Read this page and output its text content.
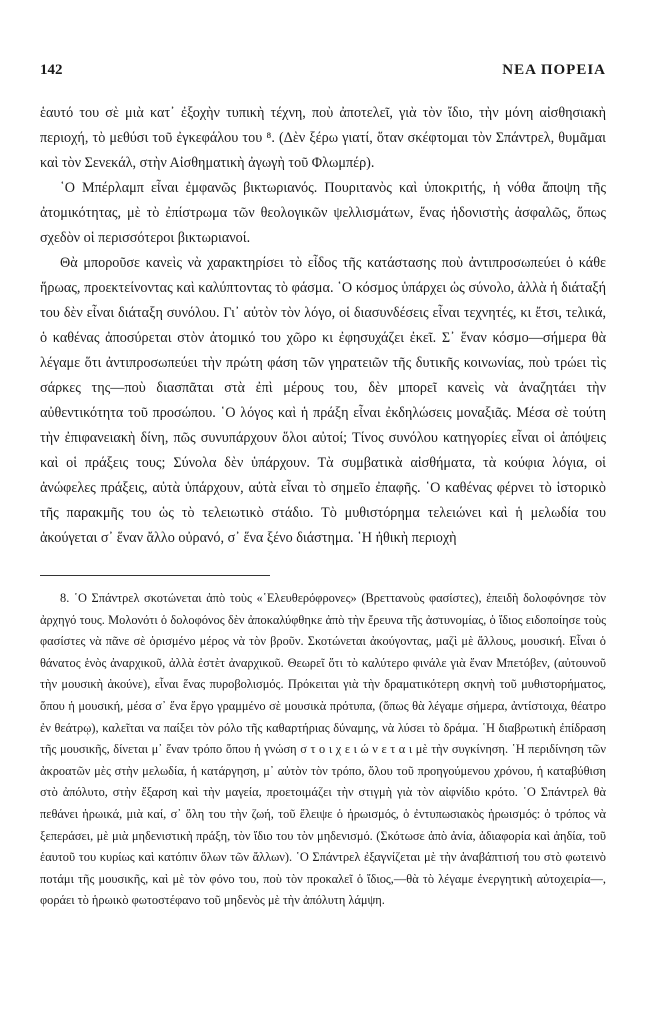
142	ΝΕΑ ΠΟΡΕΙΑ

ἑαυτό του σὲ μιὰ κατ᾿ ἐξοχὴν τυπικὴ τέχνη, ποὺ ἀποτελεῖ, γιὰ τὸν ἴδιο, τὴν μόνη αἰσθησιακὴ περιοχή, τὸ μεθύσι τοῦ ἐγκεφάλου του ⁸. (Δὲν ξέρω γιατί, ὅταν σκέφτομαι τὸν Σπάντρελ, θυμᾶμαι καὶ τὸν Σενεκάλ, στὴν Αἰσθηματικὴ ἀγωγὴ τοῦ Φλωμπέρ).

῾Ο Μπέρλαμπ εἶναι ἐμφανῶς βικτωριανός. Πουριτανὸς καὶ ὑποκριτής, ἡ νόθα ἄποψη τῆς ἀτομικότητας, μὲ τὸ ἐπίστρωμα τῶν θεολογικῶν ψελλισμάτων, ἕνας ἡδονιστὴς ἀσφαλῶς, ὅπως σχεδὸν οἱ περισσότεροι βικτωριανοί.

Θὰ μποροῦσε κανεὶς νὰ χαρακτηρίσει τὸ εἶδος τῆς κατάστασης ποὺ ἀντιπροσωπεύει ὁ κάθε ἥρωας, προεκτείνοντας καὶ καλύπτοντας τὸ φάσμα. ῾Ο κόσμος ὑπάρχει ὡς σύνολο, ἀλλὰ ἡ διάταξή του δὲν εἶναι διάταξη συνόλου. Γι᾿ αὐτὸν τὸν λόγο, οἱ διασυνδέσεις εἶναι τεχνητές, κι ἔτσι, τελικά, ὁ καθένας ἀποσύρεται στὸν ἀτομικό του χῶρο κι ἐφησυχάζει ἐκεῖ. Σ᾿ ἕναν κόσμο—σήμερα θὰ λέγαμε ὅτι ἀντιπροσωπεύει τὴν πρώτη φάση τῶν γηρατειῶν τῆς δυτικῆς κοινωνίας, ποὺ τρώει τὶς σάρκες της—ποὺ διασπᾶται στὰ ἐπὶ μέρους του, δὲν μπορεῖ κανεὶς νὰ ἀναζητάει τὴν αὐθεντικότητα τοῦ προσώπου. ῾Ο λόγος καὶ ἡ πράξη εἶναι ἐκδηλώσεις μοναξιᾶς. Μέσα σὲ τούτη τὴν ἐπιφανειακὴ δίνη, πῶς συνυπάρχουν ὅλοι αὐτοί; Τίνος συνόλου κατηγορίες εἶναι οἱ ἀπόψεις καὶ οἱ πράξεις τους; Σύνολα δὲν ὑπάρχουν. Τὰ συμβατικὰ αἰσθήματα, τὰ κούφια λόγια, οἱ ἀνώφελες πράξεις, αὐτὰ ὑπάρχουν, αὐτὰ εἶναι τὸ σημεῖο ἐπαφῆς. ῾Ο καθένας φέρνει τὸ ἱστορικὸ τῆς παρακμῆς του ὡς τὸ τελειωτικὸ στάδιο. Τὸ μυθιστόρημα τελειώνει καὶ ἡ μελωδία του ἀκούγεται σ᾿ ἕναν ἄλλο οὐρανό, σ᾿ ἕνα ξένο διάστημα. ῾Η ἠθικὴ περιοχὴ

8. ῾Ο Σπάντρελ σκοτώνεται ἀπὸ τοὺς «῾Ελευθερόφρονες» (Βρεττανοὺς φασίστες), ἐπειδὴ δολοφόνησε τὸν ἀρχηγό τους. Μολονότι ὁ δολοφόνος δὲν ἀποκαλύφθηκε ἀπὸ τὴν ἔρευνα τῆς ἀστυνομίας, ὁ ἴδιος ειδοποίησε τοὺς φασίστες νὰ πᾶνε σὲ ὁρισμένο μέρος νὰ τὸν βροῦν. Σκοτώνεται ἀκούγοντας, μαζὶ μὲ ἄλλους, μουσική. Εἶναι ὁ θάνατος ἑνὸς ἀναρχικοῦ, ἀλλὰ ἐστὲτ ἀναρχικοῦ. Θεωρεῖ ὅτι τὸ καλύτερο φινάλε γιὰ ἕναν Μπετόβεν, (αὐτουνοῦ τὴν μουσικὴ ἀκούνε), εἶναι ἕνας πυροβολισμός. Πρόκειται γιὰ τὴν δραματικότερη σκηνὴ τοῦ μυθιστορήματος, ὅπου ἡ μουσική, μέσα σ᾿ ἕνα ἔργο γραμμένο σὲ μουσικὰ πρότυπα, (ὅπως θὰ λέγαμε σήμερα, ἀντίστοιχα, θέατρο ἐν θεάτρῳ), καλεῖται να παίξει τὸν ρόλο τῆς καθαρτήριας δύναμης, νὰ λύσει τὸ δράμα. ῾Η διαβρωτικὴ ἐπίδραση τῆς μουσικῆς, δίνεται μ᾿ ἕναν τρόπο ὅπου ἡ γνώση σ τ ο ι χ ε ι ώ ν ε τ α ι μὲ τὴν συγκίνηση. ῾Η περιδίνηση τῶν ἀκροατῶν μὲς στὴν μελωδία, ἡ κατάργηση, μ᾿ αὐτὸν τὸν τρόπο, ὅλου τοῦ προηγούμενου χρόνου, ἡ καταβύθιση στὸ ἀπόλυτο, στὴν ἔξαρση καὶ τὴν μαγεία, προετοιμάζει τὴν στιγμὴ γιὰ τὸν αἰφνίδιο κρότο. ῾Ο Σπάντρελ θὰ πεθάνει ἡρωικά, μιὰ καί, σ᾿ ὅλη του τὴν ζωή, τοῦ ἔλειψε ὁ ἡρωισμός, ὁ ἐντυπωσιακὸς ἡρωισμός: ὁ τρόπος νὰ ξεπεράσει, μὲ μιὰ μηδενιστικὴ πράξη, τὸν ἴδιο του τὸν μηδενισμό. (Σκότωσε ἀπὸ ἀνία, ἀδιαφορία καὶ ἀηδία, τοῦ ἑαυτοῦ του κυρίως καὶ κατόπιν ὅλων τῶν ἄλλων). ῾Ο Σπάντρελ ἐξαγνίζεται μὲ τὴν ἀναβάπτισή του στὸ φωτεινὸ ποτάμι τῆς μουσικῆς, καὶ μὲ τὸν φόνο του, ποὺ τὸν προκαλεῖ ὁ ἴδιος,—θὰ τὸ λέγαμε ἐνεργητικὴ αὐτοχειρία—, φοράει τὸ ἡρωικὸ φωτοστέφανο τοῦ μηδενὸς μὲ τὴν ἀπόλυτη λάμψη.
